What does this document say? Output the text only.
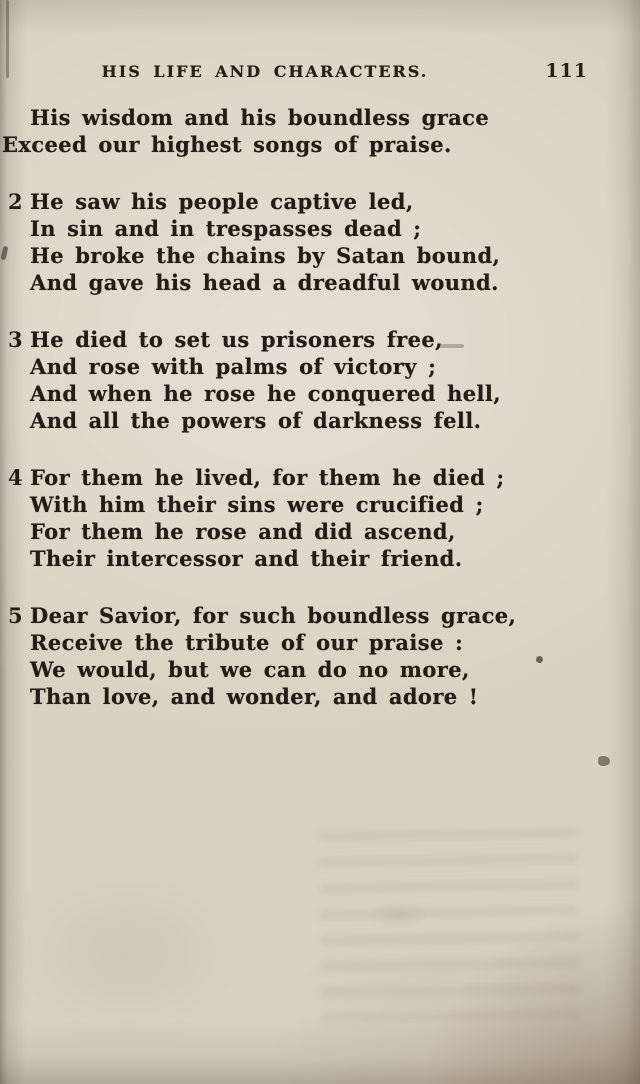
HIS LIFE AND CHARACTERS.	111
His wisdom and his boundless grace
Exceed our highest songs of praise.
2 He saw his people captive led,
In sin and in trespasses dead ;
He broke the chains by Satan bound,
And gave his head a dreadful wound.
3 He died to set us prisoners free,
And rose with palms of victory ;
And when he rose he conquered hell,
And all the powers of darkness fell.
4 For them he lived, for them he died ;
With him their sins were crucified ;
For them he rose and did ascend,
Their intercessor and their friend.
5 Dear Savior, for such boundless grace,
Receive the tribute of our praise :
We would, but we can do no more,
Than love, and wonder, and adore !
